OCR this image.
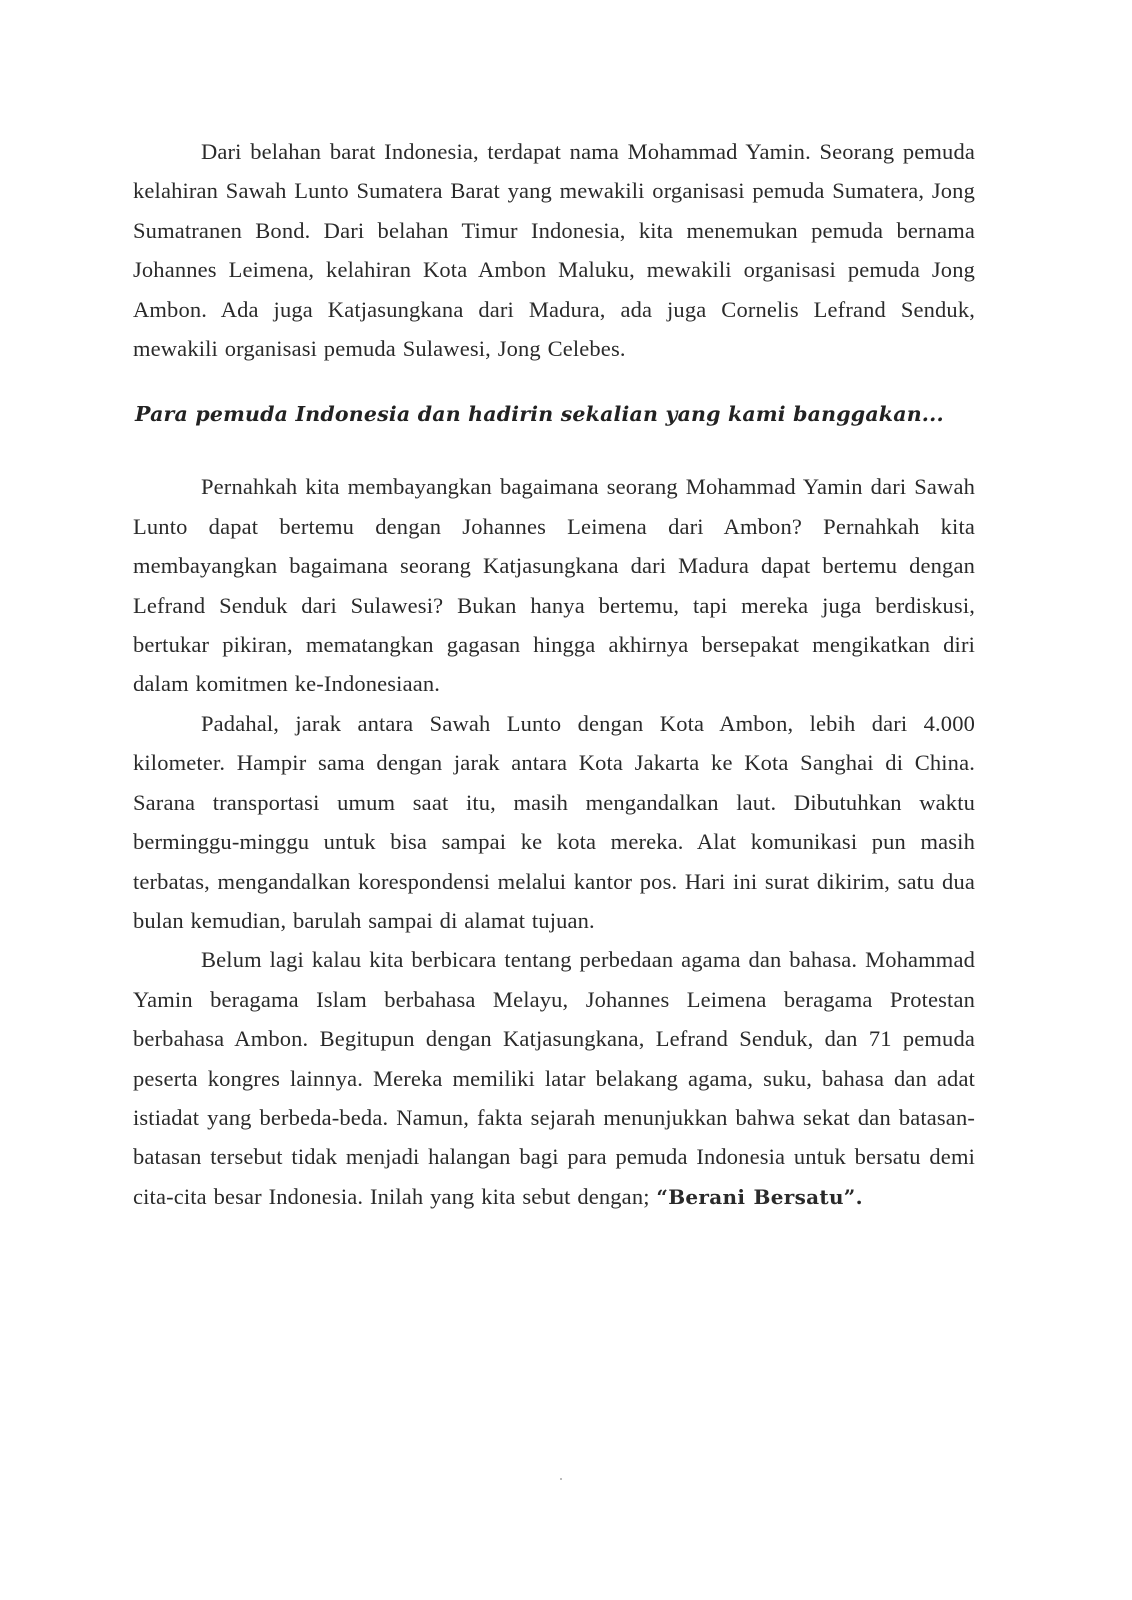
Dari belahan barat Indonesia, terdapat nama Mohammad Yamin. Seorang pemuda kelahiran Sawah Lunto Sumatera Barat yang mewakili organisasi pemuda Sumatera, Jong Sumatranen Bond. Dari belahan Timur Indonesia, kita menemukan pemuda bernama Johannes Leimena, kelahiran Kota Ambon Maluku, mewakili organisasi pemuda Jong Ambon. Ada juga Katjasungkana dari Madura, ada juga Cornelis Lefrand Senduk, mewakili organisasi pemuda Sulawesi, Jong Celebes.

Para pemuda Indonesia dan hadirin sekalian yang kami banggakan...

Pernahkah kita membayangkan bagaimana seorang Mohammad Yamin dari Sawah Lunto dapat bertemu dengan Johannes Leimena dari Ambon? Pernahkah kita membayangkan bagaimana seorang Katjasungkana dari Madura dapat bertemu dengan Lefrand Senduk dari Sulawesi? Bukan hanya bertemu, tapi mereka juga berdiskusi, bertukar pikiran, mematangkan gagasan hingga akhirnya bersepakat mengikatkan diri dalam komitmen ke-Indonesiaan.

Padahal, jarak antara Sawah Lunto dengan Kota Ambon, lebih dari 4.000 kilometer. Hampir sama dengan jarak antara Kota Jakarta ke Kota Sanghai di China. Sarana transportasi umum saat itu, masih mengandalkan laut. Dibutuhkan waktu berminggu-minggu untuk bisa sampai ke kota mereka. Alat komunikasi pun masih terbatas, mengandalkan korespondensi melalui kantor pos. Hari ini surat dikirim, satu dua bulan kemudian, barulah sampai di alamat tujuan.

Belum lagi kalau kita berbicara tentang perbedaan agama dan bahasa. Mohammad Yamin beragama Islam berbahasa Melayu, Johannes Leimena beragama Protestan berbahasa Ambon. Begitupun dengan Katjasungkana, Lefrand Senduk, dan 71 pemuda peserta kongres lainnya. Mereka memiliki latar belakang agama, suku, bahasa dan adat istiadat yang berbeda-beda. Namun, fakta sejarah menunjukkan bahwa sekat dan batasan-batasan tersebut tidak menjadi halangan bagi para pemuda Indonesia untuk bersatu demi cita-cita besar Indonesia. Inilah yang kita sebut dengan; “Berani Bersatu”.
